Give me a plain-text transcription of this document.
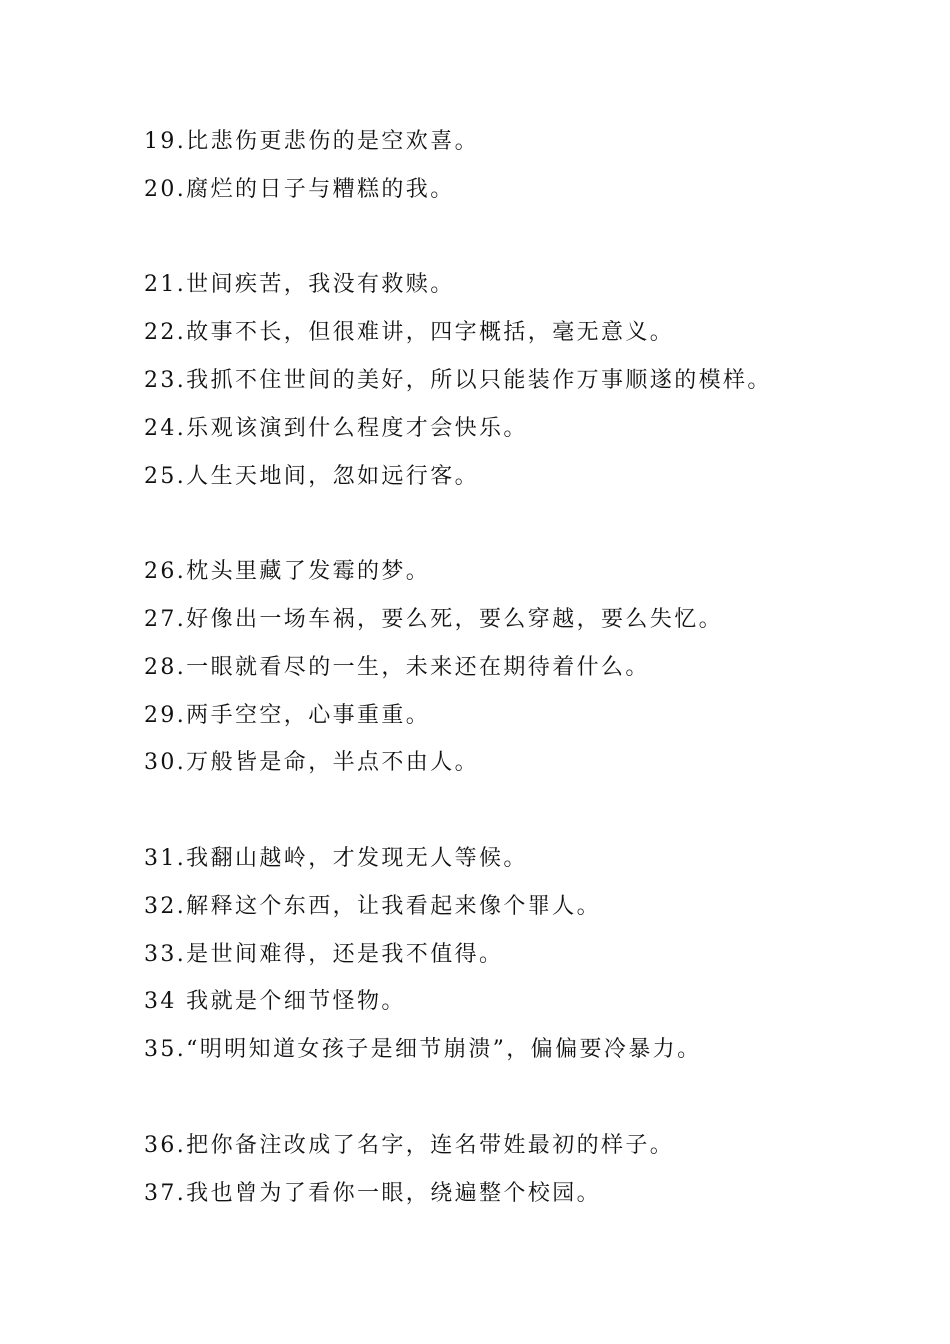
19.比悲伤更悲伤的是空欢喜。
20.腐烂的日子与糟糕的我。
21.世间疾苦，我没有救赎。
22.故事不长，但很难讲，四字概括，毫无意义。
23.我抓不住世间的美好，所以只能装作万事顺遂的模样。
24.乐观该演到什么程度才会快乐。
25.人生天地间，忽如远行客。
26.枕头里藏了发霉的梦。
27.好像出一场车祸，要么死，要么穿越，要么失忆。
28.一眼就看尽的一生，未来还在期待着什么。
29.两手空空，心事重重。
30.万般皆是命，半点不由人。
31.我翻山越岭，才发现无人等候。
32.解释这个东西，让我看起来像个罪人。
33.是世间难得，还是我不值得。
34 我就是个细节怪物。
35.“明明知道女孩子是细节崩溃”，偏偏要冷暴力。
36.把你备注改成了名字，连名带姓最初的样子。
37.我也曾为了看你一眼，绕遍整个校园。
